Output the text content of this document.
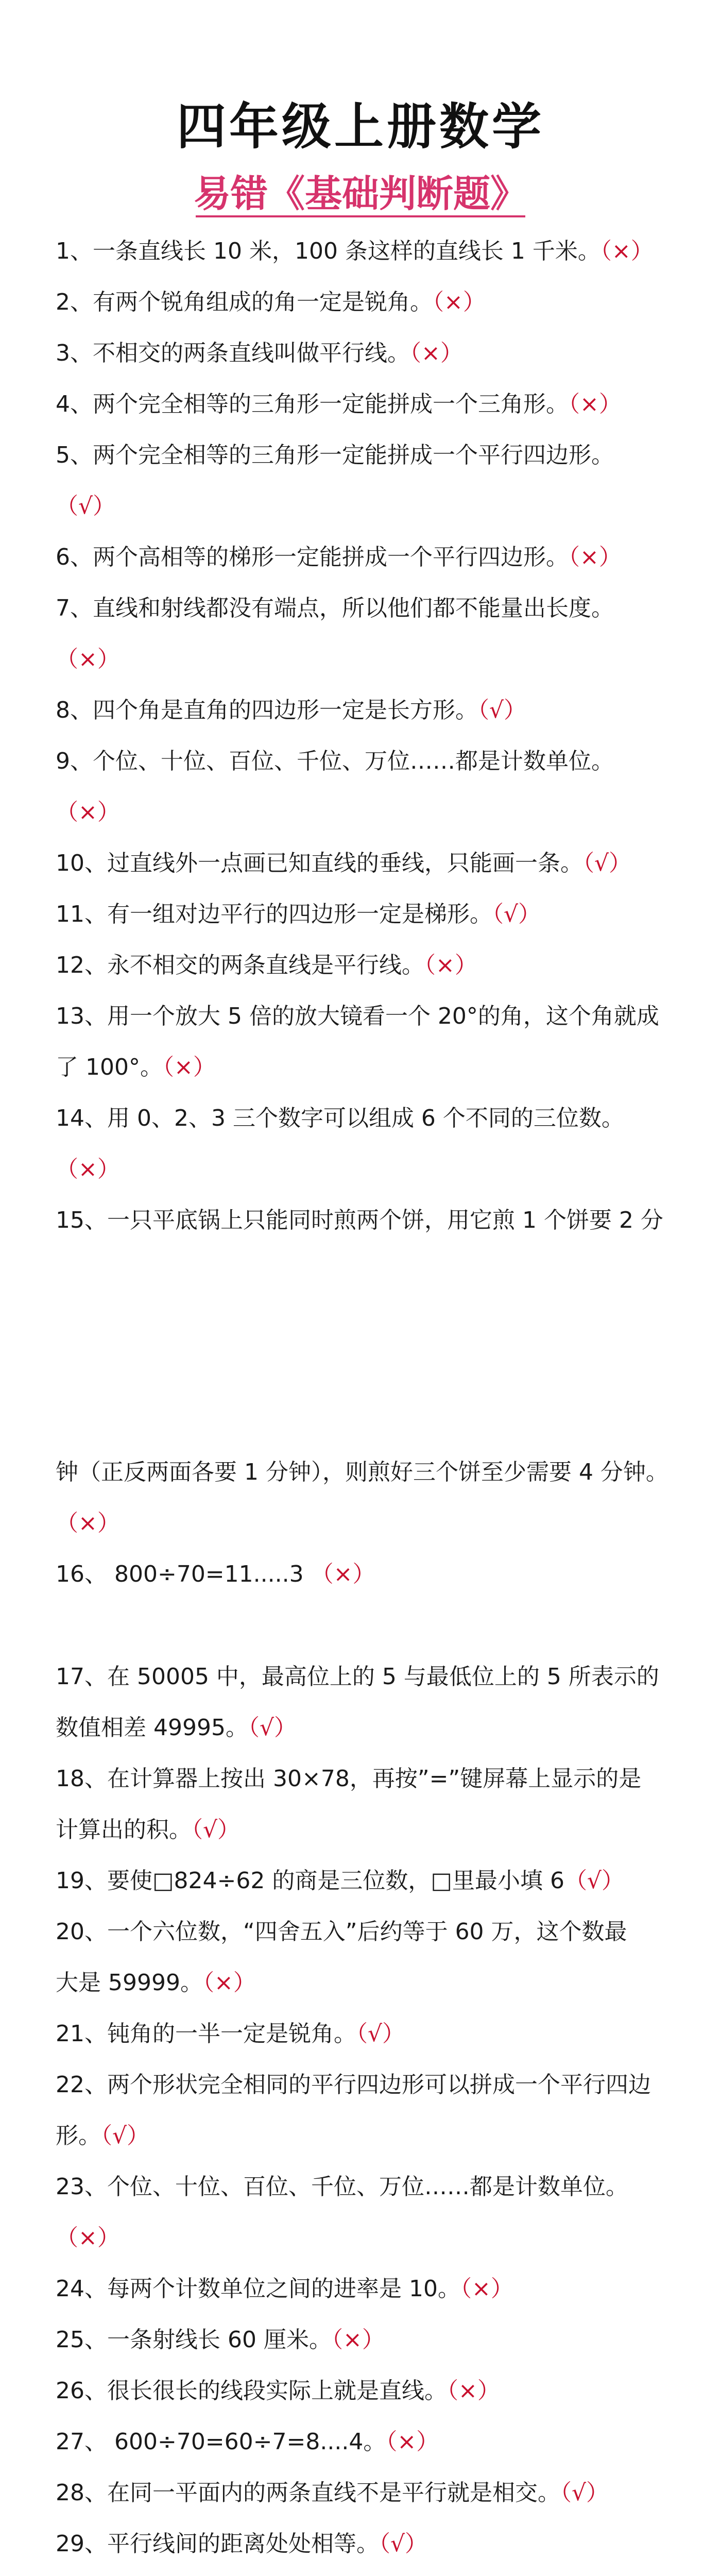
四年级上册数学
易错《基础判断题》

1、一条直线长 10 米，100 条这样的直线长 1 千米。（×）

2、有两个锐角组成的角一定是锐角。（×）

3、不相交的两条直线叫做平行线。（×）

4、两个完全相等的三角形一定能拼成一个三角形。（×）

5、两个完全相等的三角形一定能拼成一个平行四边形。

（√）

6、两个高相等的梯形一定能拼成一个平行四边形。（×）

7、直线和射线都没有端点，所以他们都不能量出长度。

（×）

8、四个角是直角的四边形一定是长方形。（√）

9、个位、十位、百位、千位、万位……都是计数单位。

（×）

10、过直线外一点画已知直线的垂线，只能画一条。（√）

11、有一组对边平行的四边形一定是梯形。（√）

12、永不相交的两条直线是平行线。（×）

13、用一个放大 5 倍的放大镜看一个 20°的角，这个角就成

了 100°。（×）

14、用 0、2、3 三个数字可以组成 6 个不同的三位数。

（×）

15、一只平底锅上只能同时煎两个饼，用它煎 1 个饼要 2 分

钟（正反两面各要 1 分钟），则煎好三个饼至少需要 4 分钟。

（×）

16、 800÷70=11.....3 （×）

17、在 50005 中，最高位上的 5 与最低位上的 5 所表示的

数值相差 49995。（√）

18、在计算器上按出 30×78，再按”=”键屏幕上显示的是

计算出的积。（√）

19、要使□824÷62 的商是三位数，□里最小填 6（√）

20、一个六位数，“四舍五入”后约等于 60 万，这个数最

大是 59999。（×）

21、钝角的一半一定是锐角。（√）

22、两个形状完全相同的平行四边形可以拼成一个平行四边

形。（√）

23、个位、十位、百位、千位、万位……都是计数单位。

（×）

24、每两个计数单位之间的进率是 10。（×）

25、一条射线长 60 厘米。（×）

26、很长很长的线段实际上就是直线。（×）

27、 600÷70=60÷7=8....4。（×）

28、在同一平面内的两条直线不是平行就是相交。（√）

29、平行线间的距离处处相等。（√）
